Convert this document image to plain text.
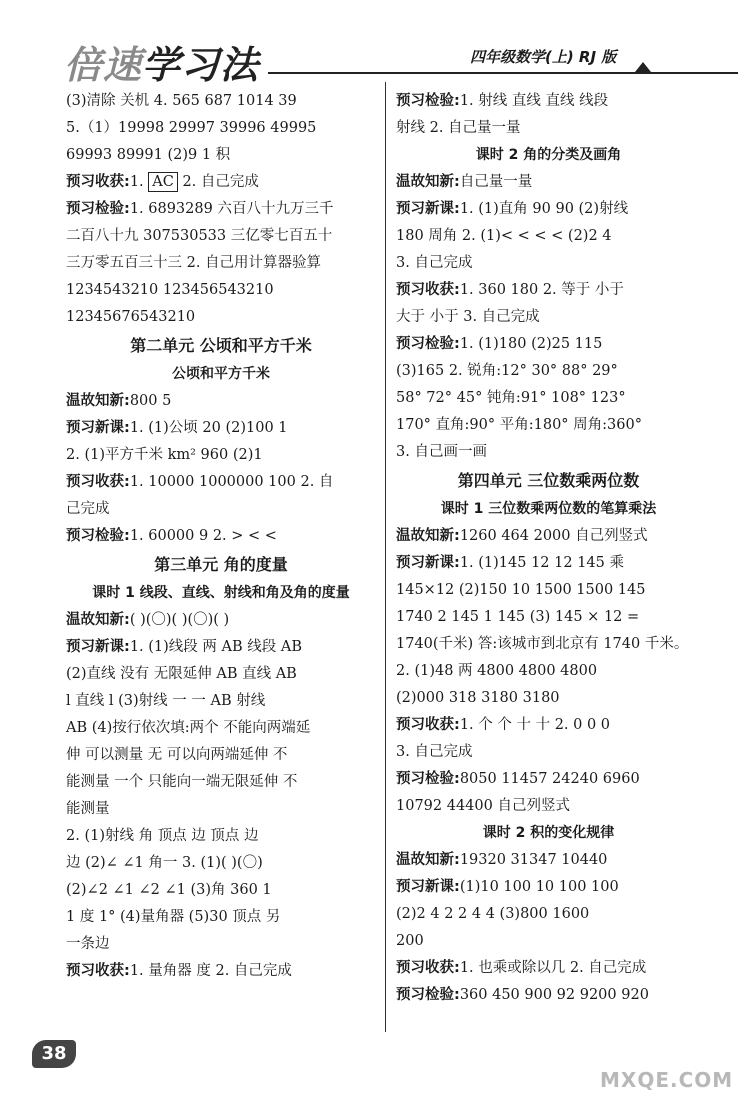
倍速学习法	四年级数学(上) RJ 版
(3)清除 关机 4. 565 687 1014 39
5.（1）19998 29997 39996 49995
69993 89991 (2)9 1 积
预习收获:1. AC 2. 自己完成
预习检验:1. 6893289 六百八十九万三千
二百八十九 307530533 三亿零七百五十
三万零五百三十三 2. 自己用计算器验算
1234543210 123456543210
12345676543210
第二单元 公顷和平方千米
公顷和平方千米
温故知新:800 5
预习新课:1. (1)公顷 20 (2)100 1
2. (1)平方千米 km² 960 (2)1
预习收获:1. 10000 1000000 100 2. 自
己完成
预习检验:1. 60000 9 2. > < <
第三单元 角的度量
课时 1 线段、直线、射线和角及角的度量
温故知新:( )(〇)( )(〇)( )
预习新课:1. (1)线段 两 AB 线段 AB
(2)直线 没有 无限延伸 AB 直线 AB
l 直线 l (3)射线 一 一 AB 射线
AB (4)按行依次填:两个 不能向两端延
伸 可以测量 无 可以向两端延伸 不
能测量 一个 只能向一端无限延伸 不
能测量
2. (1)射线 角 顶点 边 顶点 边
边 (2)∠ ∠1 角一 3. (1)( )(〇)
(2)∠2 ∠1 ∠2 ∠1 (3)角 360 1
1 度 1° (4)量角器 (5)30 顶点 另
一条边
预习收获:1. 量角器 度 2. 自己完成
预习检验:1. 射线 直线 直线 线段
射线 2. 自己量一量
课时 2 角的分类及画角
温故知新:自己量一量
预习新课:1. (1)直角 90 90 (2)射线
180 周角 2. (1)< < < < (2)2 4
3. 自己完成
预习收获:1. 360 180 2. 等于 小于
大于 小于 3. 自己完成
预习检验:1. (1)180 (2)25 115
(3)165 2. 锐角:12° 30° 88° 29°
58° 72° 45° 钝角:91° 108° 123°
170° 直角:90° 平角:180° 周角:360°
3. 自己画一画
第四单元 三位数乘两位数
课时 1 三位数乘两位数的笔算乘法
温故知新:1260 464 2000 自己列竖式
预习新课:1. (1)145 12 12 145 乘
145×12 (2)150 10 1500 1500 145
1740 2 145 1 145 (3) 145 × 12 =
1740(千米) 答:该城市到北京有 1740 千米。
2. (1)48 两 4800 4800 4800
(2)000 318 3180 3180
预习收获:1. 个 个 十 十 2. 0 0 0
3. 自己完成
预习检验:8050 11457 24240 6960
10792 44400 自己列竖式
课时 2 积的变化规律
温故知新:19320 31347 10440
预习新课:(1)10 100 10 100 100
(2)2 4 2 2 4 4 (3)800 1600
200
预习收获:1. 也乘或除以几 2. 自己完成
预习检验:360 450 900 92 9200 920
38
MXQE.COM
